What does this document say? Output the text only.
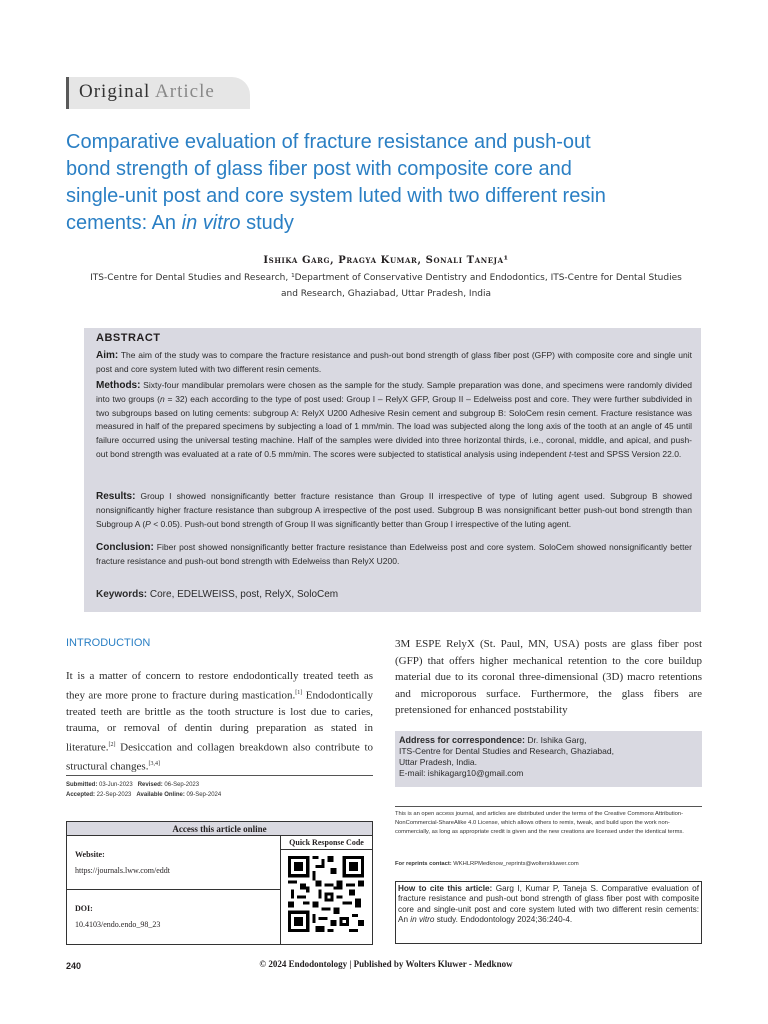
Original Article
Comparative evaluation of fracture resistance and push-out
bond strength of glass fiber post with composite core and
single-unit post and core system luted with two different resin
cements: An in vitro study
Ishika Garg, Pragya Kumar, Sonali Taneja¹
ITS-Centre for Dental Studies and Research, ¹Department of Conservative Dentistry and Endodontics, ITS-Centre for Dental Studies
and Research, Ghaziabad, Uttar Pradesh, India
ABSTRACT
Aim: The aim of the study was to compare the fracture resistance and push-out bond strength of glass fiber post (GFP) with composite core and single unit post and core system luted with two different resin cements.
Methods: Sixty-four mandibular premolars were chosen as the sample for the study. Sample preparation was done, and specimens were randomly divided into two groups (n = 32) each according to the type of post used: Group I – RelyX GFP, Group II – Edelweiss post and core. They were further subdivided in two subgroups based on luting cements: subgroup A: RelyX U200 Adhesive Resin cement and subgroup B: SoloCem resin cement. Fracture resistance was measured in half of the prepared specimens by subjecting a load of 1 mm/min. The load was subjected along the long axis of the tooth at an angle of 45 until failure occurred using the universal testing machine. Half of the samples were divided into three horizontal thirds, i.e., coronal, middle, and apical, and push-out bond strength was evaluated at a rate of 0.5 mm/min. The scores were subjected to statistical analysis using independent t-test and SPSS Version 22.0.
Results: Group I showed nonsignificantly better fracture resistance than Group II irrespective of type of luting agent used. Subgroup B showed nonsignificantly higher fracture resistance than subgroup A irrespective of the post used. Subgroup B was nonsignificant better push-out bond strength than Subgroup A (P < 0.05). Push-out bond strength of Group II was significantly better than Group I irrespective of the luting agent.
Conclusion: Fiber post showed nonsignificantly better fracture resistance than Edelweiss post and core system. SoloCem showed nonsignificantly better fracture resistance and push-out bond strength with Edelweiss than RelyX U200.
Keywords: Core, EDELWEISS, post, RelyX, SoloCem
INTRODUCTION
It is a matter of concern to restore endodontically treated teeth as they are more prone to fracture during mastication.[1] Endodontically treated teeth are brittle as the tooth structure is lost due to caries, trauma, or removal of dentin during preparation as stated in literature.[2] Desiccation and collagen breakdown also contribute to structural changes.[3,4]
3M ESPE RelyX (St. Paul, MN, USA) posts are glass fiber post (GFP) that offers higher mechanical retention to the core buildup material due to its coronal three-dimensional (3D) macro retentions and microporous surface. Furthermore, the glass fibers are pretensioned for enhanced poststability
Submitted: 03-Jun-2023 Revised: 06-Sep-2023
Accepted: 22-Sep-2023 Available Online: 09-Sep-2024
Access this article online
Website:
https://journals.lww.com/eddt
DOI:
10.4103/endo.endo_98_23
Quick Response Code
Address for correspondence: Dr. Ishika Garg,
ITS-Centre for Dental Studies and Research, Ghaziabad,
Uttar Pradesh, India.
E-mail: ishikagarg10@gmail.com
This is an open access journal, and articles are distributed under the terms of the Creative Commons Attribution-NonCommercial-ShareAlike 4.0 License, which allows others to remix, tweak, and build upon the work non-commercially, as long as appropriate credit is given and the new creations are licensed under the identical terms.
For reprints contact: WKHLRPMedknow_reprints@wolterskluwer.com
How to cite this article: Garg I, Kumar P, Taneja S. Comparative evaluation of fracture resistance and push-out bond strength of glass fiber post with composite core and single-unit post and core system luted with two different resin cements: An in vitro study. Endodontology 2024;36:240-4.
240	© 2024 Endodontology | Published by Wolters Kluwer - Medknow
